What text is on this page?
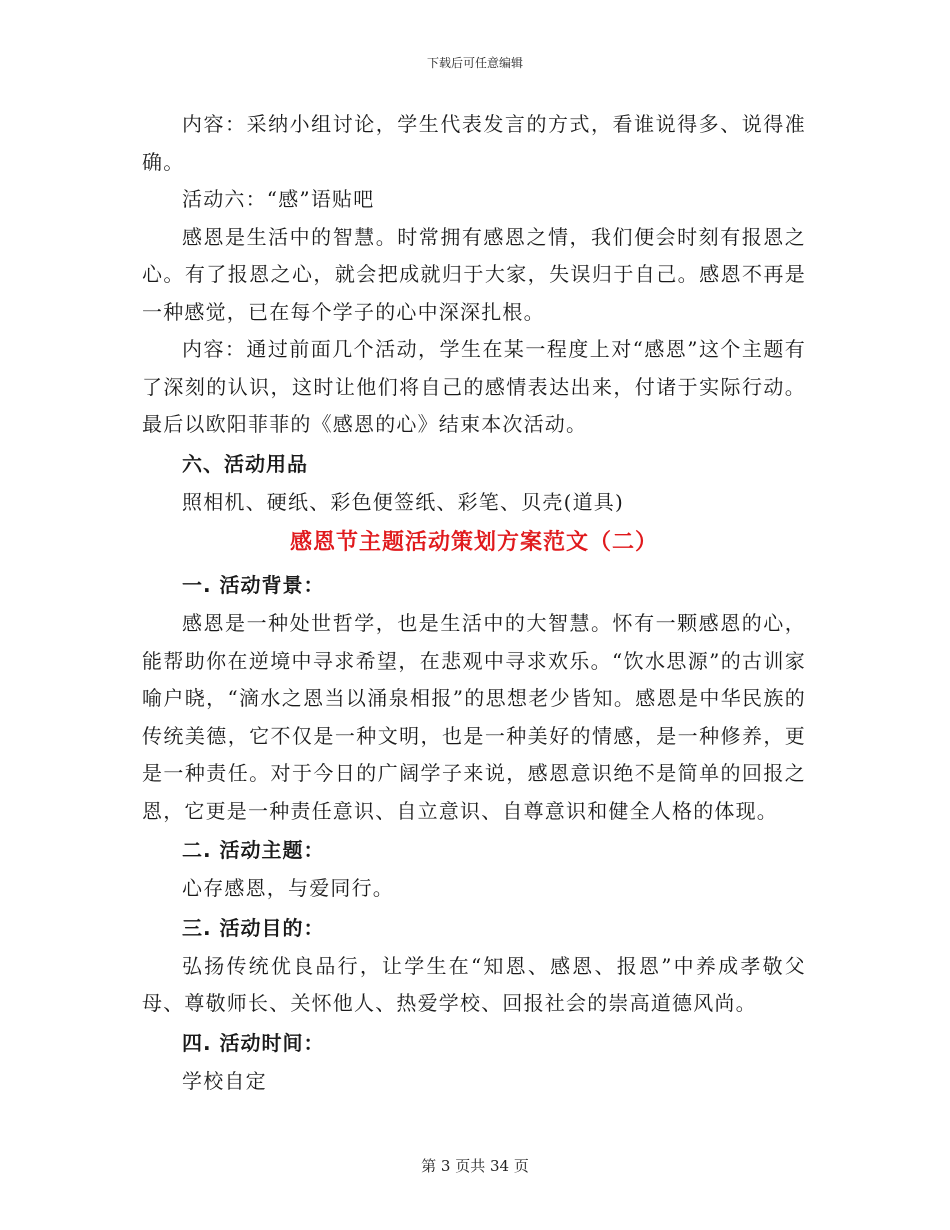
下载后可任意编辑

内容：采纳小组讨论，学生代表发言的方式，看谁说得多、说得准确。

活动六：“感”语贴吧

感恩是生活中的智慧。时常拥有感恩之情，我们便会时刻有报恩之心。有了报恩之心，就会把成就归于大家，失误归于自己。感恩不再是一种感觉，已在每个学子的心中深深扎根。

内容：通过前面几个活动，学生在某一程度上对“感恩”这个主题有了深刻的认识，这时让他们将自己的感情表达出来，付诸于实际行动。最后以欧阳菲菲的《感恩的心》结束本次活动。

六、活动用品

照相机、硬纸、彩色便签纸、彩笔、贝壳(道具)

感恩节主题活动策划方案范文（二）

一. 活动背景：

感恩是一种处世哲学，也是生活中的大智慧。怀有一颗感恩的心，能帮助你在逆境中寻求希望，在悲观中寻求欢乐。“饮水思源”的古训家喻户晓，“滴水之恩当以涌泉相报”的思想老少皆知。感恩是中华民族的传统美德，它不仅是一种文明，也是一种美好的情感，是一种修养，更是一种责任。对于今日的广阔学子来说，感恩意识绝不是简单的回报之恩，它更是一种责任意识、自立意识、自尊意识和健全人格的体现。

二. 活动主题：

心存感恩，与爱同行。

三. 活动目的：

弘扬传统优良品行，让学生在“知恩、感恩、报恩”中养成孝敬父母、尊敬师长、关怀他人、热爱学校、回报社会的崇高道德风尚。

四. 活动时间：

学校自定

第 3 页共 34 页
